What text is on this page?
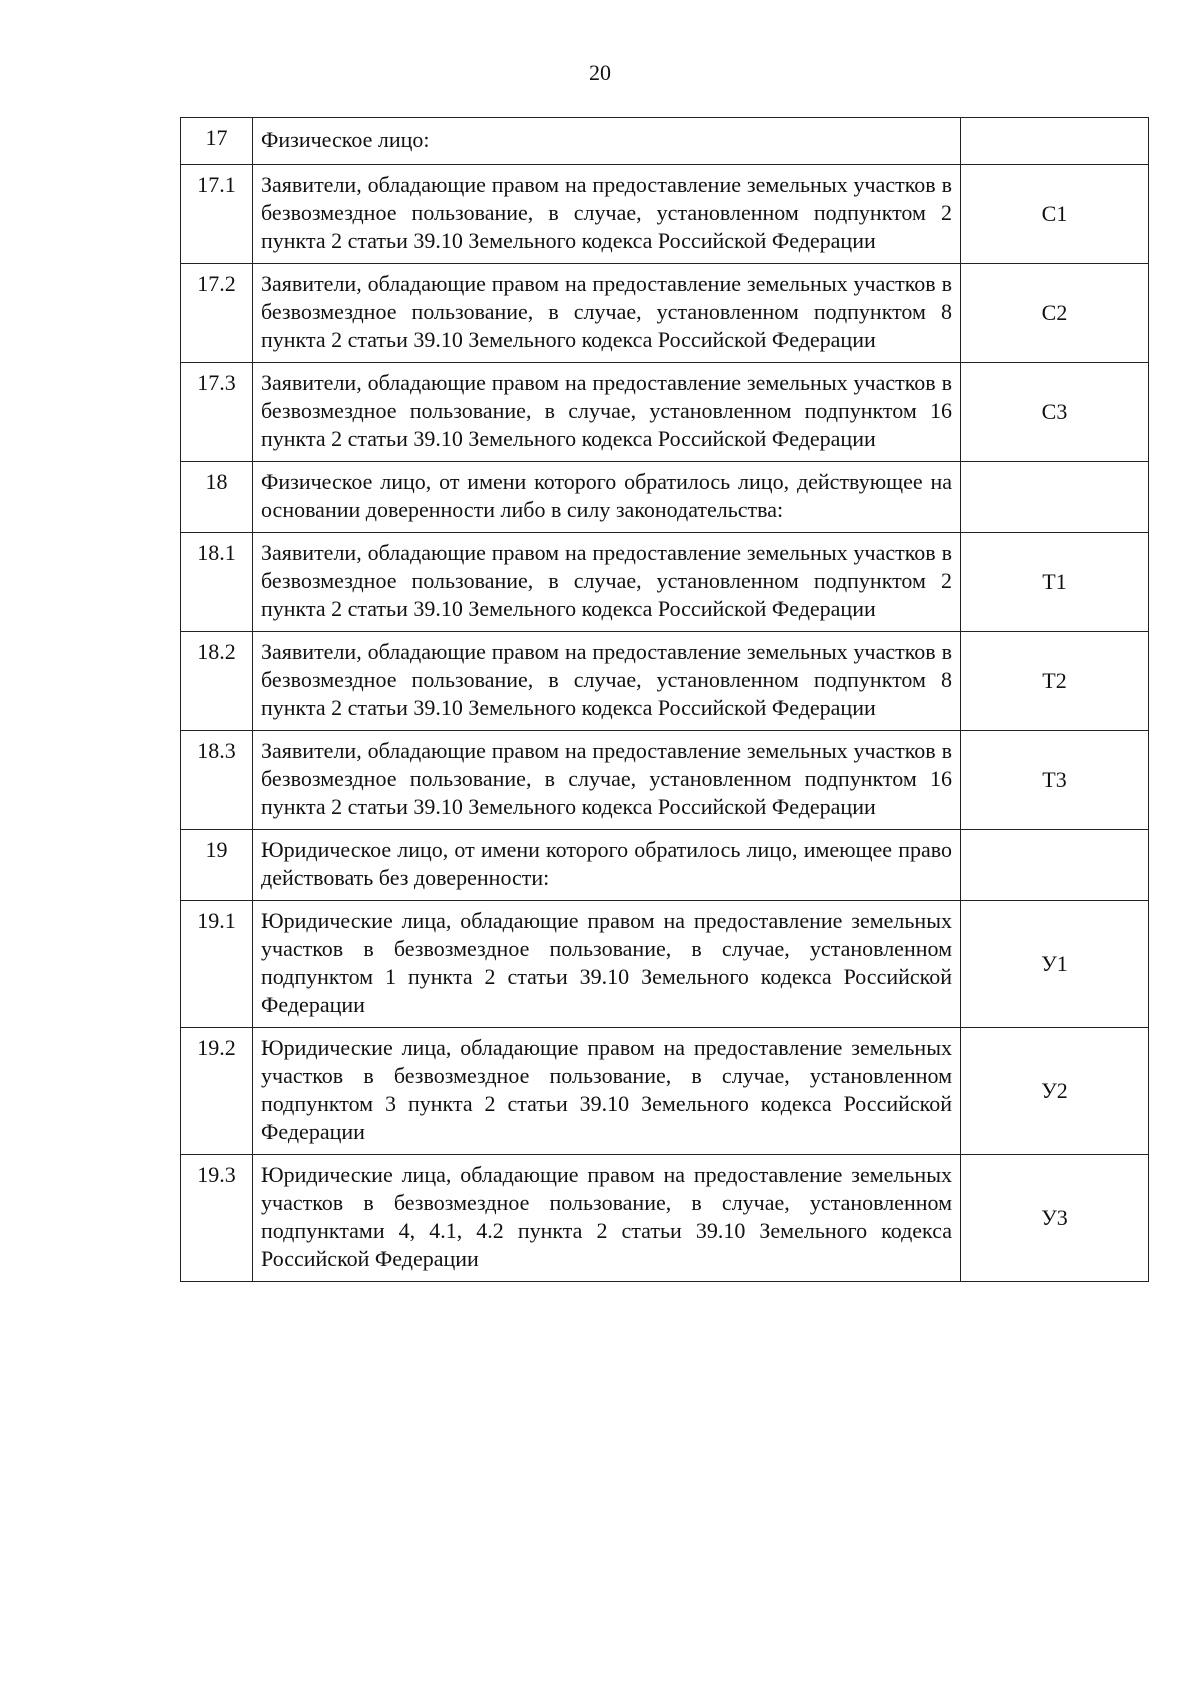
20
17	Физическое лицо:	
17.1	Заявители, обладающие правом на предоставление земельных участков в безвозмездное пользование, в случае, установленном подпунктом 2 пункта 2 статьи 39.10 Земельного кодекса Российской Федерации	С1
17.2	Заявители, обладающие правом на предоставление земельных участков в безвозмездное пользование, в случае, установленном подпунктом 8 пункта 2 статьи 39.10 Земельного кодекса Российской Федерации	С2
17.3	Заявители, обладающие правом на предоставление земельных участков в безвозмездное пользование, в случае, установленном подпунктом 16 пункта 2 статьи 39.10 Земельного кодекса Российской Федерации	С3
18	Физическое лицо, от имени которого обратилось лицо, действующее на основании доверенности либо в силу законодательства:	
18.1	Заявители, обладающие правом на предоставление земельных участков в безвозмездное пользование, в случае, установленном подпунктом 2 пункта 2 статьи 39.10 Земельного кодекса Российской Федерации	Т1
18.2	Заявители, обладающие правом на предоставление земельных участков в безвозмездное пользование, в случае, установленном подпунктом 8 пункта 2 статьи 39.10 Земельного кодекса Российской Федерации	Т2
18.3	Заявители, обладающие правом на предоставление земельных участков в безвозмездное пользование, в случае, установленном подпунктом 16 пункта 2 статьи 39.10 Земельного кодекса Российской Федерации	Т3
19	Юридическое лицо, от имени которого обратилось лицо, имеющее право действовать без доверенности:	
19.1	Юридические лица, обладающие правом на предоставление земельных участков в безвозмездное пользование, в случае, установленном подпунктом 1 пункта 2 статьи 39.10 Земельного кодекса Российской Федерации	У1
19.2	Юридические лица, обладающие правом на предоставление земельных участков в безвозмездное пользование, в случае, установленном подпунктом 3 пункта 2 статьи 39.10 Земельного кодекса Российской Федерации	У2
19.3	Юридические лица, обладающие правом на предоставление земельных участков в безвозмездное пользование, в случае, установленном подпунктами 4, 4.1, 4.2 пункта 2 статьи 39.10 Земельного кодекса Российской Федерации	У3
